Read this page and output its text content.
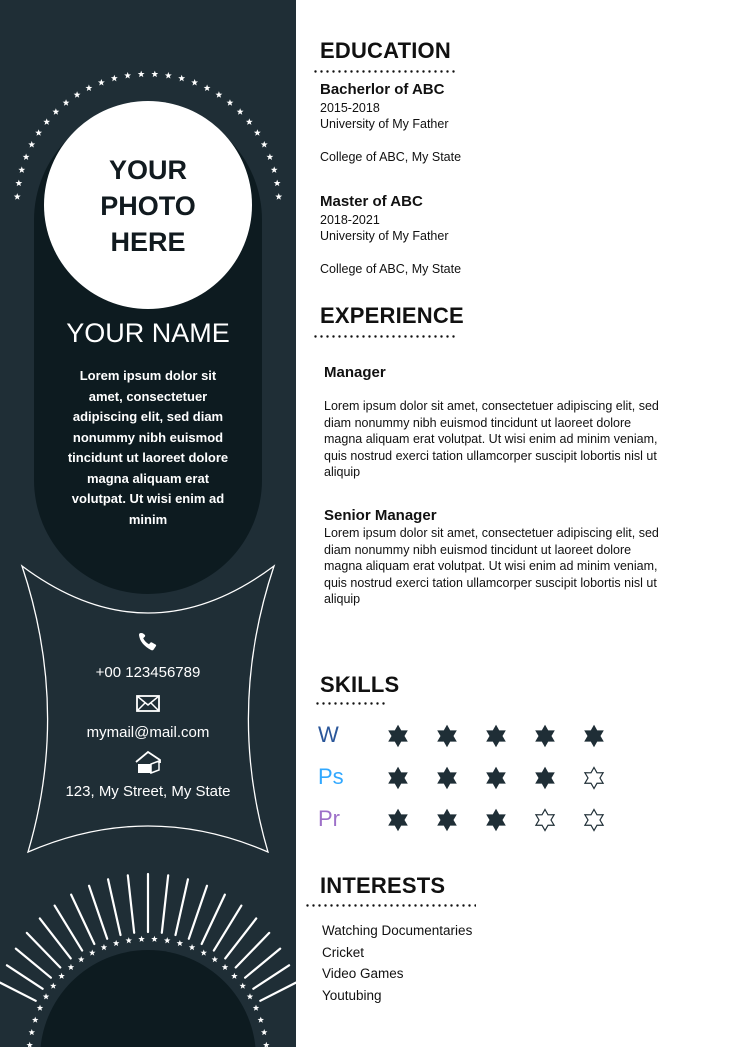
YOUR
PHOTO
HERE
YOUR NAME
Lorem ipsum dolor sit amet, consectetuer adipiscing elit, sed diam nonummy nibh euismod tincidunt ut laoreet dolore magna aliquam erat volutpat. Ut wisi enim ad minim
+00 123456789
mymail@mail.com
123, My Street, My State
EDUCATION
Bacherlor of ABC
2015-2018
University of My Father
College of ABC, My State
Master of ABC
2018-2021
University of My Father
College of ABC, My State
EXPERIENCE
Manager
Lorem ipsum dolor sit amet, consectetuer adipiscing elit, sed diam nonummy nibh euismod tincidunt ut laoreet dolore magna aliquam erat volutpat. Ut wisi enim ad minim veniam, quis nostrud exerci tation ullamcorper suscipit lobortis nisl ut aliquip
Senior Manager
Lorem ipsum dolor sit amet, consectetuer adipiscing elit, sed diam nonummy nibh euismod tincidunt ut laoreet dolore magna aliquam erat volutpat. Ut wisi enim ad minim veniam, quis nostrud exerci tation ullamcorper suscipit lobortis nisl ut aliquip
SKILLS
W
Ps
Pr
INTERESTS
Watching Documentaries
Cricket
Video Games
Youtubing
